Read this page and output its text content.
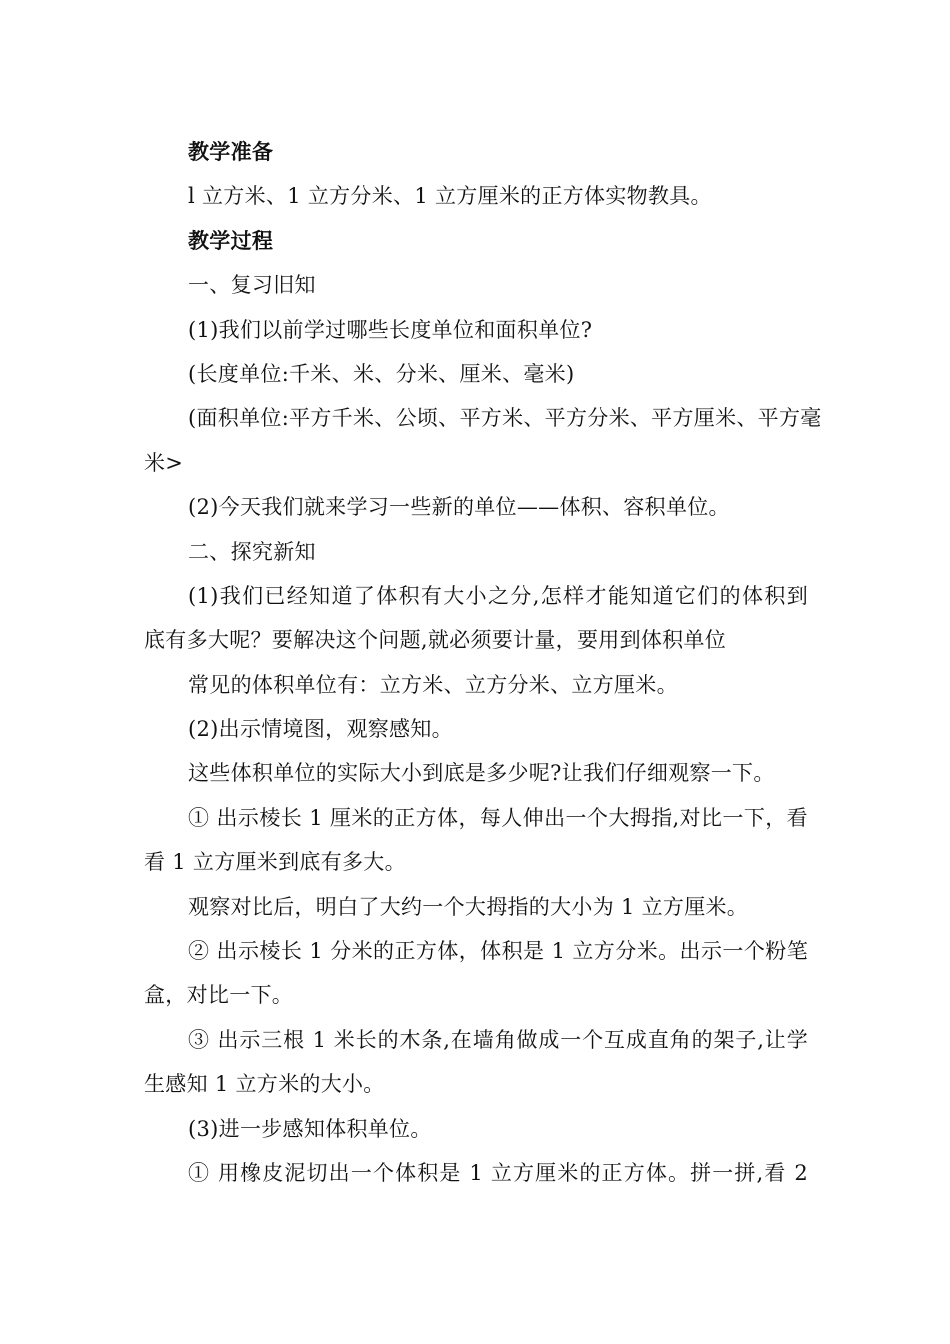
教学准备
l 立方米、1 立方分米、1 立方厘米的正方体实物教具。
教学过程
一、复习旧知
(1)我们以前学过哪些长度单位和面积单位?
(长度单位:千米、米、分米、厘米、毫米)
(面积单位:平方千米、公顷、平方米、平方分米、平方厘米、平方毫
米>
(2)今天我们就来学习一些新的单位——体积、容积单位。
二、探究新知
(1)我们已经知道了体积有大小之分,怎样才能知道它们的体积到
底有多大呢？要解决这个问题,就必须要计量，要用到体积单位
常见的体积单位有：立方米、立方分米、立方厘米。
(2)出示情境图，观察感知。
这些体积单位的实际大小到底是多少呢?让我们仔细观察一下。
① 出示棱长 1 厘米的正方体，每人伸出一个大拇指,对比一下，看
看 1 立方厘米到底有多大。
观察对比后，明白了大约一个大拇指的大小为 1 立方厘米。
② 出示棱长 1 分米的正方体，体积是 1 立方分米。出示一个粉笔
盒，对比一下。
③ 出示三根 1 米长的木条,在墙角做成一个互成直角的架子,让学
生感知 1 立方米的大小。
(3)进一步感知体积单位。
① 用橡皮泥切出一个体积是 1 立方厘米的正方体。拼一拼,看 2
